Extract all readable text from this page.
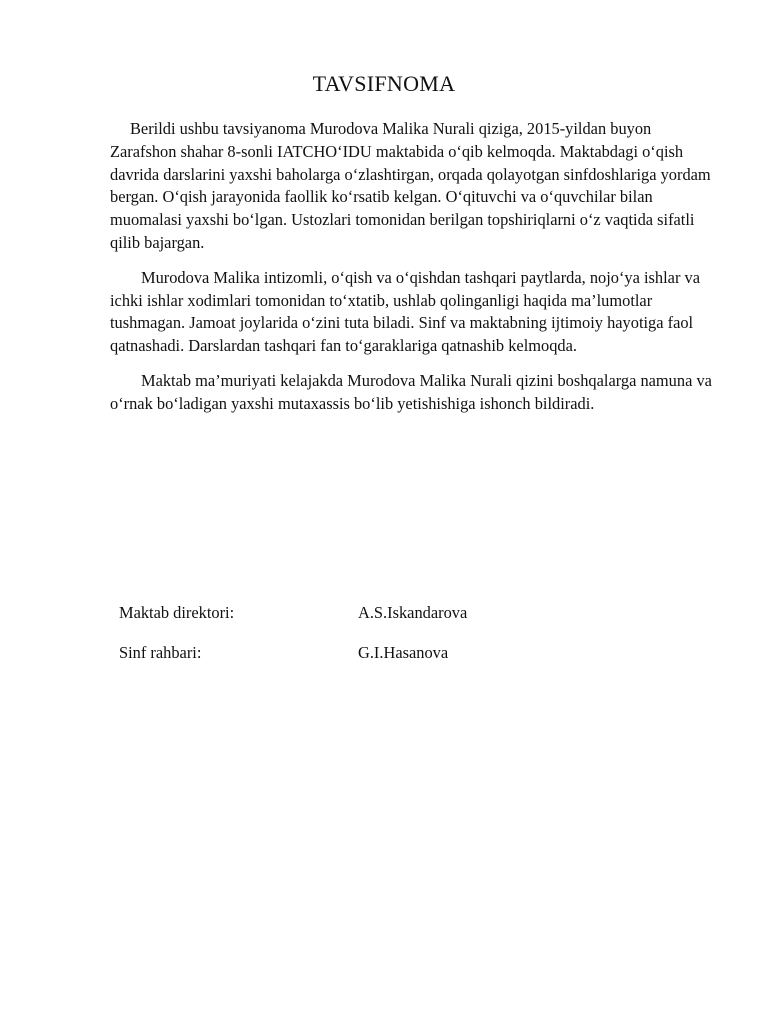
TAVSIFNOMA

Berildi ushbu tavsiyanoma Murodova Malika Nurali qiziga, 2015-yildan buyon Zarafshon shahar 8-sonli IATCHO‘IDU maktabida o‘qib kelmoqda. Maktabdagi o‘qish davrida darslarini yaxshi baholarga o‘zlashtirgan, orqada qolayotgan sinfdoshlariga yordam bergan. O‘qish jarayonida faollik ko‘rsatib kelgan. O‘qituvchi va o‘quvchilar bilan muomalasi yaxshi bo‘lgan. Ustozlari tomonidan berilgan topshiriqlarni o‘z vaqtida sifatli qilib bajargan.

Murodova Malika intizomli, o‘qish va o‘qishdan tashqari paytlarda, nojo‘ya ishlar va ichki ishlar xodimlari tomonidan to‘xtatib, ushlab qolinganligi haqida ma’lumotlar tushmagan. Jamoat joylarida o‘zini tuta biladi. Sinf va maktabning ijtimoiy hayotiga faol qatnashadi. Darslardan tashqari fan to‘garaklariga qatnashib kelmoqda.

Maktab ma’muriyati kelajakda Murodova Malika Nurali qizini boshqalarga namuna va o‘rnak bo‘ladigan yaxshi mutaxassis bo‘lib yetishishiga ishonch bildiradi.

Maktab direktori:	A.S.Iskandarova
Sinf rahbari:	G.I.Hasanova
